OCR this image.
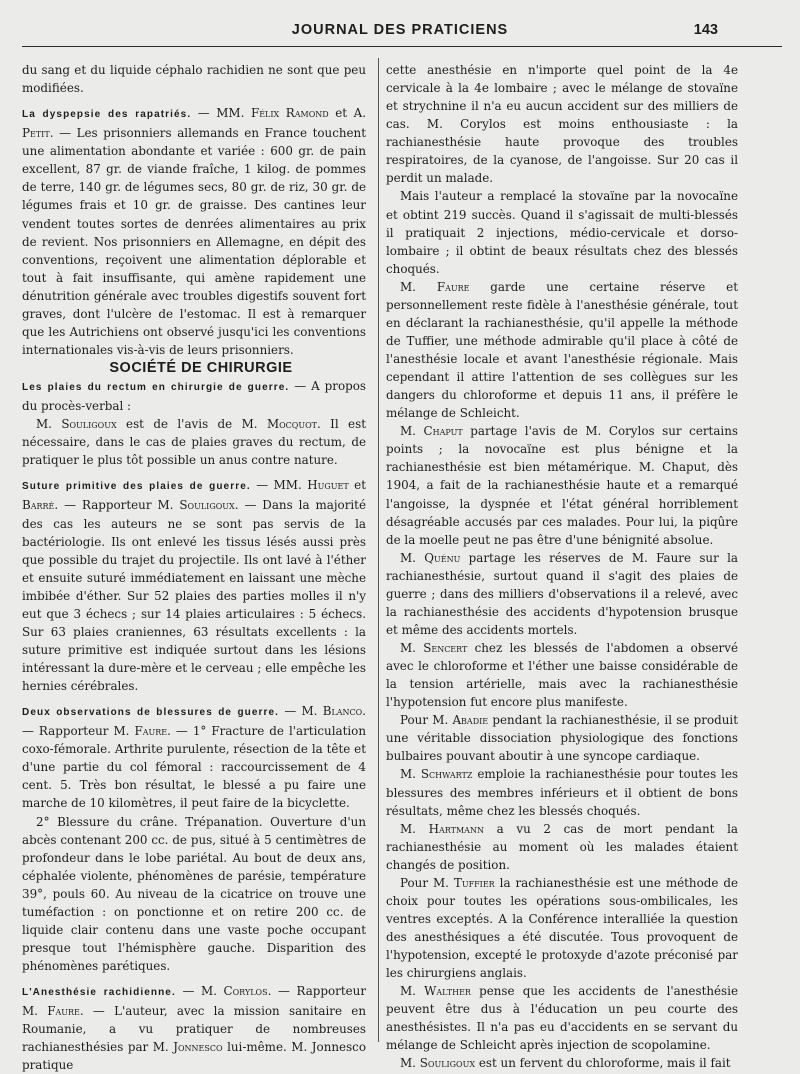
JOURNAL DES PRATICIENS	143

du sang et du liquide céphalo rachidien ne sont que peu modifiées.

La dyspepsie des rapatriés. — MM. Félix Ramond et A. Petit. — Les prisonniers allemands en France touchent une alimentation abondante et variée : 600 gr. de pain excellent, 87 gr. de viande fraîche, 1 kilog. de pommes de terre, 140 gr. de légumes secs, 80 gr. de riz, 30 gr. de légumes frais et 10 gr. de graisse. Des cantines leur vendent toutes sortes de denrées alimentaires au prix de revient. Nos prisonniers en Allemagne, en dépit des conventions, reçoivent une alimentation déplorable et tout à fait insuffisante, qui amène rapidement une dénutrition générale avec troubles digestifs souvent fort graves, dont l'ulcère de l'estomac. Il est à remarquer que les Autrichiens ont observé jusqu'ici les conventions internationales vis-à-vis de leurs prisonniers.

SOCIÉTÉ DE CHIRURGIE

Les plaies du rectum en chirurgie de guerre. — A propos du procès-verbal :

M. Souligoux est de l'avis de M. Mocquot. Il est nécessaire, dans le cas de plaies graves du rectum, de pratiquer le plus tôt possible un anus contre nature.

Suture primitive des plaies de guerre. — MM. Huguet et Barré. — Rapporteur M. Souligoux. — Dans la majorité des cas les auteurs ne se sont pas servis de la bactériologie. Ils ont enlevé les tissus lésés aussi près que possible du trajet du projectile. Ils ont lavé à l'éther et ensuite suturé immédiatement en laissant une mèche imbibée d'éther. Sur 52 plaies des parties molles il n'y eut que 3 échecs ; sur 14 plaies articulaires : 5 échecs. Sur 63 plaies craniennes, 63 résultats excellents : la suture primitive est indiquée surtout dans les lésions intéressant la dure-mère et le cerveau ; elle empêche les hernies cérébrales.

Deux observations de blessures de guerre. — M. Blanco. — Rapporteur M. Faure. — 1° Fracture de l'articulation coxo-fémorale. Arthrite purulente, résection de la tête et d'une partie du col fémoral : raccourcissement de 4 cent. 5. Très bon résultat, le blessé a pu faire une marche de 10 kilomètres, il peut faire de la bicyclette.

2° Blessure du crâne. Trépanation. Ouverture d'un abcès contenant 200 cc. de pus, situé à 5 centimètres de profondeur dans le lobe pariétal. Au bout de deux ans, céphalée violente, phénomènes de parésie, température 39°, pouls 60. Au niveau de la cicatrice on trouve une tuméfaction : on ponctionne et on retire 200 cc. de liquide clair contenu dans une vaste poche occupant presque tout l'hémisphère gauche. Disparition des phénomènes parétiques.

L'Anesthésie rachidienne. — M. Corylos. — Rapporteur M. Faure. — L'auteur, avec la mission sanitaire en Roumanie, a vu pratiquer de nombreuses rachianesthésies par M. Jonnesco lui-même. M. Jonnesco pratique

cette anesthésie en n'importe quel point de la 4e cervicale à la 4e lombaire ; avec le mélange de stovaïne et strychnine il n'a eu aucun accident sur des milliers de cas. M. Corylos est moins enthousiaste : la rachianesthésie haute provoque des troubles respiratoires, de la cyanose, de l'angoisse. Sur 20 cas il perdit un malade.

Mais l'auteur a remplacé la stovaïne par la novocaïne et obtint 219 succès. Quand il s'agissait de multi-blessés il pratiquait 2 injections, médio-cervicale et dorso-lombaire ; il obtint de beaux résultats chez des blessés choqués.

M. Faure garde une certaine réserve et personnellement reste fidèle à l'anesthésie générale, tout en déclarant la rachianesthésie, qu'il appelle la méthode de Tuffier, une méthode admirable qu'il place à côté de l'anesthésie locale et avant l'anesthésie régionale. Mais cependant il attire l'attention de ses collègues sur les dangers du chloroforme et depuis 11 ans, il préfère le mélange de Schleicht.

M. Chaput partage l'avis de M. Corylos sur certains points ; la novocaïne est plus bénigne et la rachianesthésie est bien métamérique. M. Chaput, dès 1904, a fait de la rachianesthésie haute et a remarqué l'angoisse, la dyspnée et l'état général horriblement désagréable accusés par ces malades. Pour lui, la piqûre de la moelle peut ne pas être d'une bénignité absolue.

M. Quénu partage les réserves de M. Faure sur la rachianesthésie, surtout quand il s'agit des plaies de guerre ; dans des milliers d'observations il a relevé, avec la rachianesthésie des accidents d'hypotension brusque et même des accidents mortels.

M. Sencert chez les blessés de l'abdomen a observé avec le chloroforme et l'éther une baisse considérable de la tension artérielle, mais avec la rachianesthésie l'hypotension fut encore plus manifeste.

Pour M. Abadie pendant la rachianesthésie, il se produit une véritable dissociation physiologique des fonctions bulbaires pouvant aboutir à une syncope cardiaque.

M. Schwartz emploie la rachianesthésie pour toutes les blessures des membres inférieurs et il obtient de bons résultats, même chez les blessés choqués.

M. Hartmann a vu 2 cas de mort pendant la rachianesthésie au moment où les malades étaient changés de position.

Pour M. Tuffier la rachianesthésie est une méthode de choix pour toutes les opérations sous-ombilicales, les ventres exceptés. A la Conférence interalliée la question des anesthésiques a été discutée. Tous provoquent de l'hypotension, excepté le protoxyde d'azote préconisé par les chirurgiens anglais.

M. Walther pense que les accidents de l'anesthésie peuvent être dus à l'éducation un peu courte des anesthésistes. Il n'a pas eu d'accidents en se servant du mélange de Schleicht après injection de scopolamine.

M. Souligoux est un fervent du chloroforme, mais il fait
